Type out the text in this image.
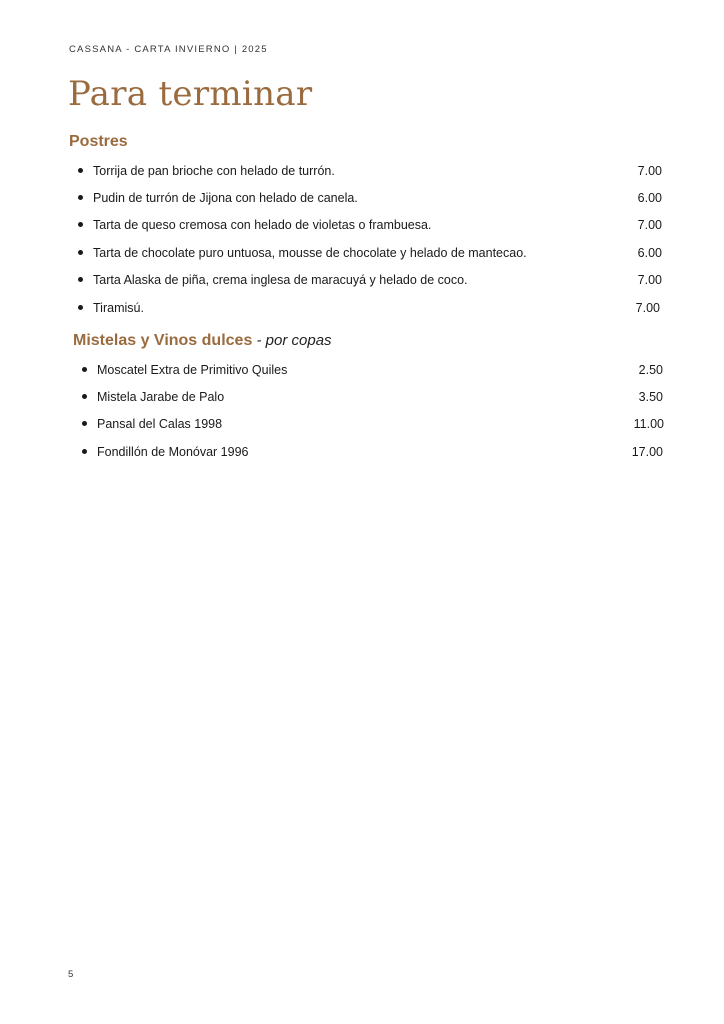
CASSANA - CARTA INVIERNO | 2025
Para terminar
Postres
Torrija de pan brioche con helado de turrón.	7.00
Pudin de turrón de Jijona con helado de canela.	6.00
Tarta de queso cremosa con helado de violetas o frambuesa.	7.00
Tarta de chocolate puro untuosa, mousse de chocolate y helado de mantecao.	6.00
Tarta Alaska de piña, crema inglesa de maracuyá y helado de coco.	7.00
Tiramisú.	7.00
Mistelas y Vinos dulces - por copas
Moscatel Extra de Primitivo Quiles	2.50
Mistela Jarabe de Palo	3.50
Pansal del Calas 1998	11.00
Fondillón de Monóvar 1996	17.00
5
